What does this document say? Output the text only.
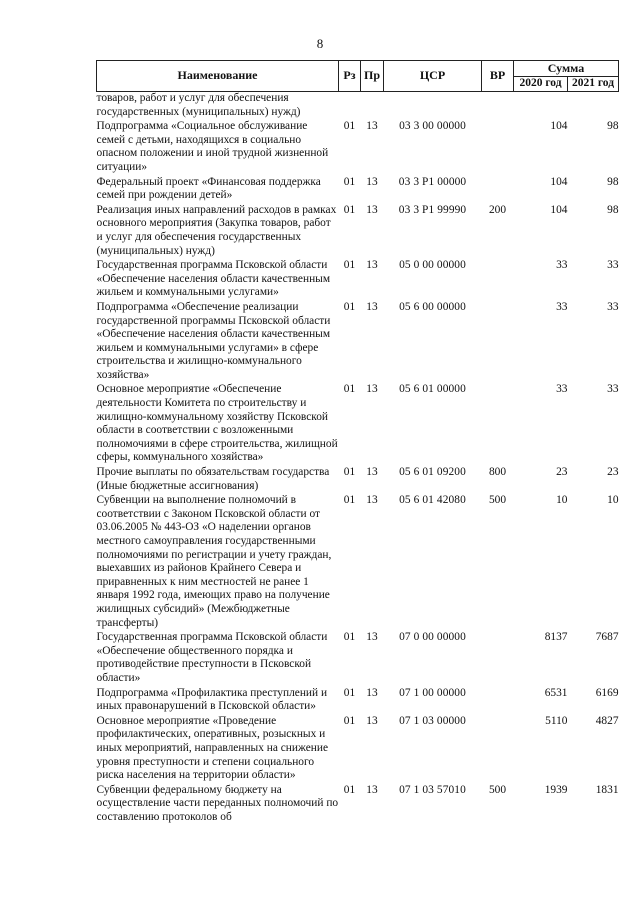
8
Наименование	Рз	Пр	ЦСР	ВР	Сумма	
					2020 год	2021 год
товаров, работ и услуг для обеспечения государственных (муниципальных) нужд)						
Подпрограмма «Социальное обслуживание семей с детьми, находящихся в социально опасном положении и иной трудной жизненной ситуации»	01	13	03 3 00 00000		104	98
Федеральный проект «Финансовая поддержка семей при рождении детей»	01	13	03 3 P1 00000		104	98
Реализация иных направлений расходов в рамках основного мероприятия (Закупка товаров, работ и услуг для обеспечения государственных (муниципальных) нужд)	01	13	03 3 P1 99990	200	104	98
Государственная программа Псковской области «Обеспечение населения области качественным жильем и коммунальными услугами»	01	13	05 0 00 00000		33	33
Подпрограмма «Обеспечение реализации государственной программы Псковской области «Обеспечение населения области качественным жильем и коммунальными услугами» в сфере строительства и жилищно-коммунального хозяйства»	01	13	05 6 00 00000		33	33
Основное мероприятие «Обеспечение деятельности Комитета по строительству и жилищно-коммунальному хозяйству Псковской области в соответствии с возложенными полномочиями в сфере строительства, жилищной сферы, коммунального хозяйства»	01	13	05 6 01 00000		33	33
Прочие выплаты по обязательствам государства (Иные бюджетные ассигнования)	01	13	05 6 01 09200	800	23	23
Субвенции на выполнение полномочий в соответствии с Законом Псковской области от 03.06.2005 № 443-ОЗ «О наделении органов местного самоуправления государственными полномочиями по регистрации и учету граждан, выехавших из районов Крайнего Севера и приравненных к ним местностей не ранее 1 января 1992 года, имеющих право на получение жилищных субсидий» (Межбюджетные трансферты)	01	13	05 6 01 42080	500	10	10
Государственная программа Псковской области «Обеспечение общественного порядка и противодействие преступности в Псковской области»	01	13	07 0 00 00000		8137	7687
Подпрограмма «Профилактика преступлений и иных правонарушений в Псковской области»	01	13	07 1 00 00000		6531	6169
Основное мероприятие «Проведение профилактических, оперативных, розыскных и иных мероприятий, направленных на снижение уровня преступности и степени социального риска населения на территории области»	01	13	07 1 03 00000		5110	4827
Субвенции федеральному бюджету на осуществление части переданных полномочий по составлению протоколов об	01	13	07 1 03 57010	500	1939	1831
